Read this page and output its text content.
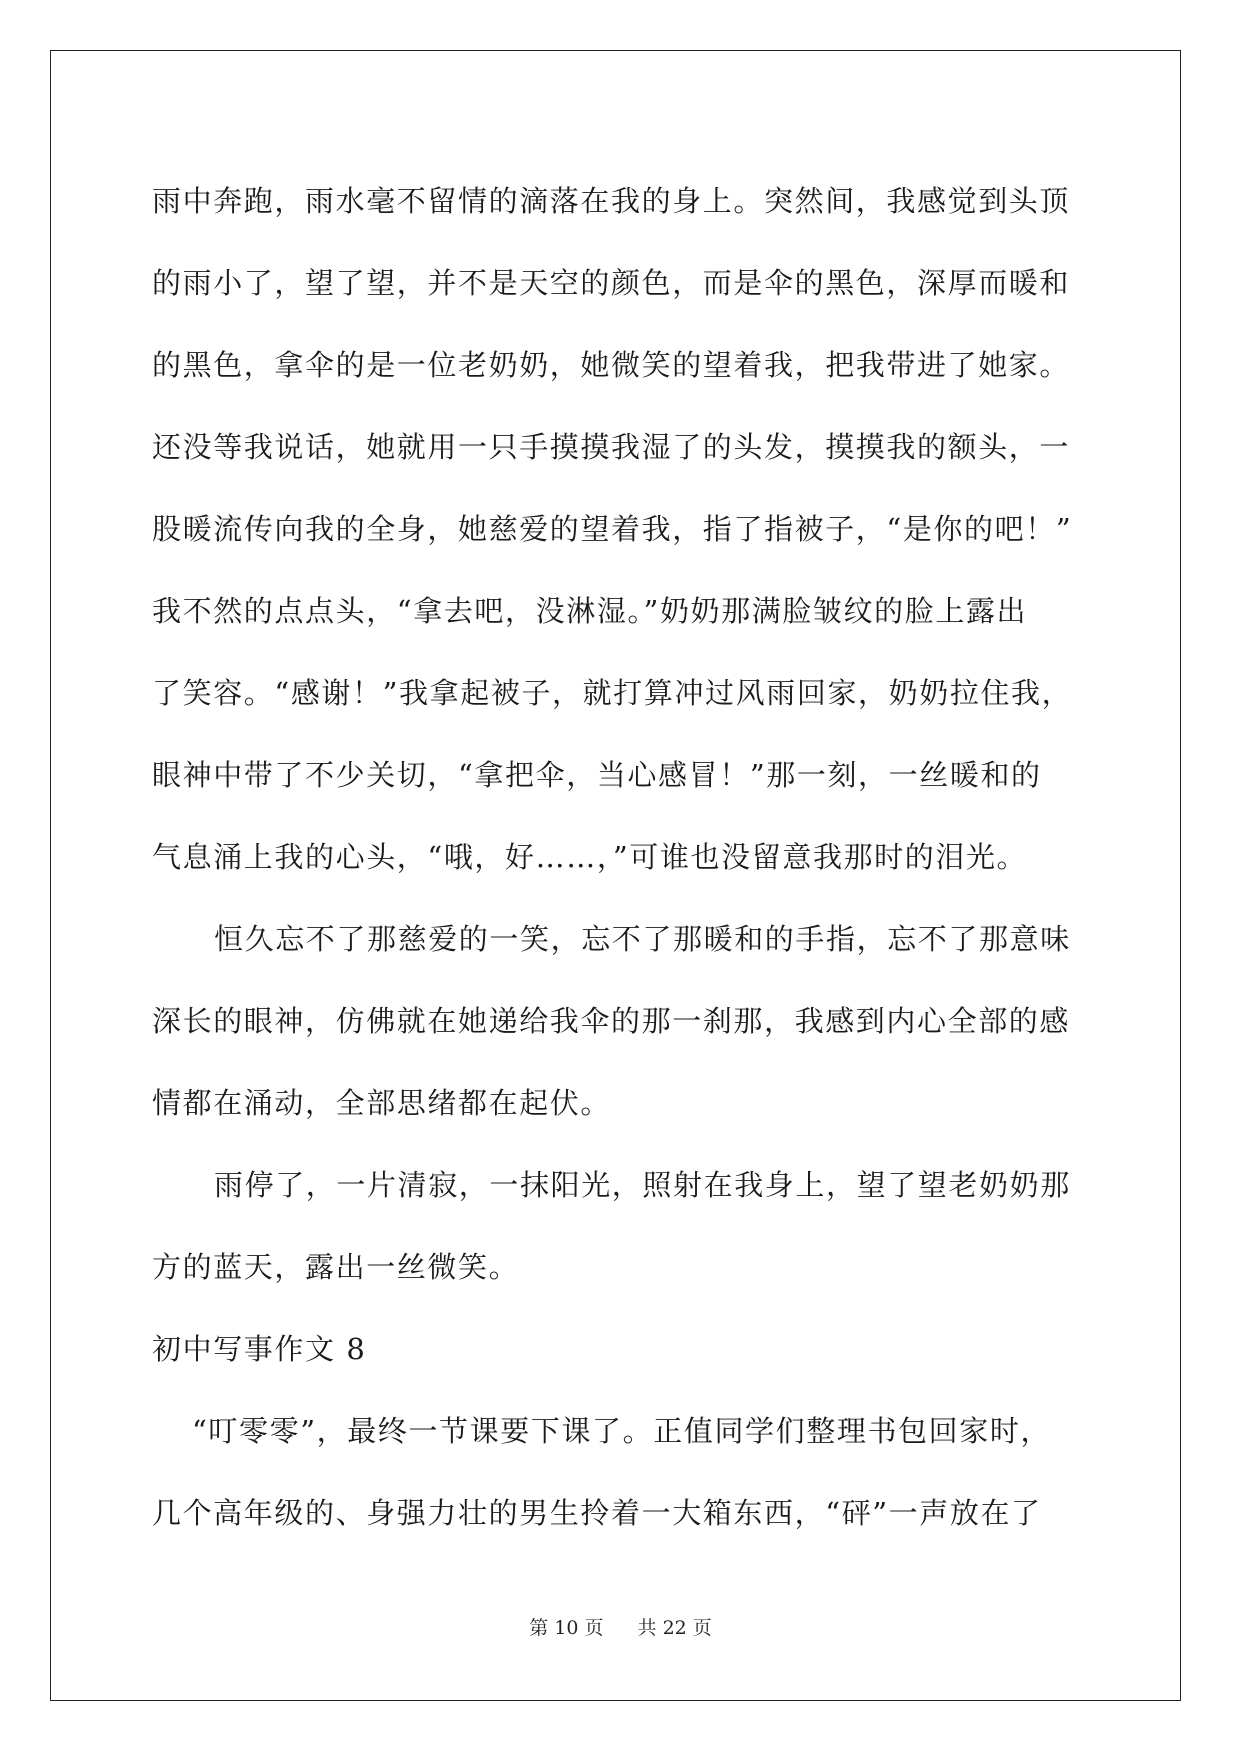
雨中奔跑，雨水毫不留情的滴落在我的身上。突然间，我感觉到头顶
的雨小了，望了望，并不是天空的颜色，而是伞的黑色，深厚而暖和
的黑色，拿伞的是一位老奶奶，她微笑的望着我，把我带进了她家。
还没等我说话，她就用一只手摸摸我湿了的头发，摸摸我的额头，一
股暖流传向我的全身，她慈爱的望着我，指了指被子，“是你的吧！”
我不然的点点头，“拿去吧，没淋湿。”奶奶那满脸皱纹的脸上露出
了笑容。“感谢！”我拿起被子，就打算冲过风雨回家，奶奶拉住我，
眼神中带了不少关切，“拿把伞，当心感冒！”那一刻，一丝暖和的
气息涌上我的心头，“哦，好……，”可谁也没留意我那时的泪光。

恒久忘不了那慈爱的一笑，忘不了那暖和的手指，忘不了那意味
深长的眼神，仿佛就在她递给我伞的那一刹那，我感到内心全部的感
情都在涌动，全部思绪都在起伏。

雨停了，一片清寂，一抹阳光，照射在我身上，望了望老奶奶那
方的蓝天，露出一丝微笑。

初中写事作文 8

“叮零零”，最终一节课要下课了。正值同学们整理书包回家时，
几个高年级的、身强力壮的男生拎着一大箱东西，“砰”一声放在了

第 10 页 共 22 页
